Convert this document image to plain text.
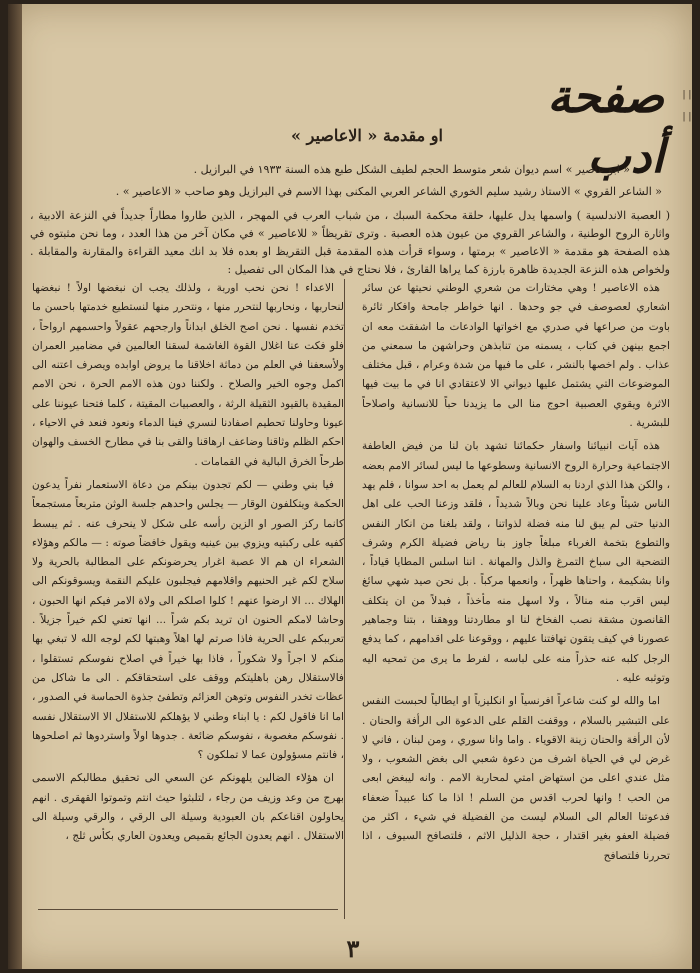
| | | |
صفحة أدب
او مقدمة « الاعاصير »
« ابو عاصير » اسم ديوان شعر متوسط الحجم لطيف الشكل طبع هذه السنة ١٩٣٣ في البرازيل .
« الشاعر القروي » الاستاذ رشيد سليم الخوري الشاعر العربي المكنى بهذا الاسم في البرازيل وهو صاحب « الاعاصير » .

( العصبة الاندلسية ) واسمها يدل عليها، حلقة محكمة السبك ، من شباب العرب في المهجر ، الذين طاروا مطاراً جديداً في النزعة الادبية ، واثارة الروح الوطنية ، والشاعر القروي من عيون هذه العصبة . وترى تقريظاً « للاعاصير » في مكان آخر من هذا العدد ، وما نحن مثبتوه في هذه الصفحة هو مقدمة « الاعاصير » برمتها ، وسواء قرأت هذه المقدمة قبل التقريظ او بعده فلا بد انك معيد القراءة والمقارنة والمقابلة . ولخواص هذه النزعة الجديدة ظاهرة بارزة كما يراها القارئ ، فلا نحتاج في هذا المكان الى تفصيل :

هذه الاعاصير ! وهي مختارات من شعري الوطني نحيتها عن سائر اشعاري لعصوصف في جو وحدها . انها خواطر جامحة وافكار ثائرة باوت من صراعها في صدري مع اخواتها الوادعات ما اشفقت معه ان اجمع بينهن في كتاب ، يسمنه من تنابذهن وحراشهن ما سمعني من عذاب . ولم اخصها بالنشر ، على ما فيها من شدة وعرام ، قبل مختلف الموضوعات التي يشتمل عليها ديواني الا لاعتقادي انا في ما بيت فيها الاثرة ويقوي العصبية احوج منا الى ما يزيدنا حباً للانسانية واصلاحاً للبشرية .

هذه آيات انبيائنا واسفار حكمائنا تشهد بان لنا من فيض العاطفة الاجتماعية وحرارة الروح الانسانية وسطوعها ما ليس لسائر الامم بعضه ، والكن هذا الذي اردنا به السلام للعالم لم يعمل به احد سوانا ، فلم يهد الناس شيئاً وعاد علينا نحن وبالاً شديداً ، فلقد وزعنا الحب على اهل الدنيا حتى لم يبق لنا منه فضلة لذواتنا ، ولقد بلغنا من انكار النفس والتطوع بتخمة الغرباء مبلغاً جاوز بنا رياض فضيلة الكرم وشرف التضحية الى سباخ التمرغ والذل والمهانة . اننا اسلس المطايا قياداً ، وانا بشكيمة ، واحناها ظهراً ، وانعمها مركباً . بل نحن صيد شهي سائغ ليس اقرب منه منالاً ، ولا اسهل منه مأخذاً ، فبدلاً من ان يتكلف القانصون مشقة نصب الفخاخ لنا او مطاردتنا ووهقنا ، بتنا وجماهير عصورنا في كيف يتقون تهافتنا عليهم ، ووقوعنا على اقدامهم ، كما يدفع الرجل كلبه عنه حذراً منه على لباسه ، لفرط ما يرى من تمحيه اليه وتوثبه عليه .

اما والله لو كنت شاعراً افرنسياً او انكليزياً او ايطالياً لحبست النفس على التبشير بالسلام ، ووقفت القلم على الدعوة الى الرأفة والحنان . لأن الرأفة والحنان زينة الاقوياء . واما وانا سوري ، ومن لبنان ، فاني لا غرض لي في الحياة اشرف من دعوة شعبي الى بغض الشعوب ، ولا مثل عندي اعلى من استهاض امتي لمحاربة الامم . وانه ليبغض ابعى من الحب ! وانها لحرب اقدس من السلم ! اذا ما كنا عبيداً ضعفاء فدعوتنا العالم الى السلام ليست من الفضيلة في شيء ، اكثر من فضيلة العفو بغير اقتدار ، حجة الذليل الاثم ، فلتصافح السيوف ، اذا تحررنا فلتصافح

الاعداء ! نحن نحب اوربة ، ولذلك يجب ان نبغضها اولاً ! نبغضها لنحاربها ، ونحاربها لنتحرر منها ، ونتحرر منها لنستطيع خدمتها باحسن ما تخدم نفسها . نحن اصح الخلق ابداناً وارجحهم عقولاً واحسمهم ارواحاً ، فلو فكت عنا اغلال القوة الغاشمة لسقنا العالمين في مضامير العمران ولأسعفنا في العلم من دماثة اخلاقنا ما يروض اوابده ويصرف اعتنه الى اكمل وجوه الخير والصلاح . ولكننا دون هذه الامم الحرة ، نحن الامم المقيدة بالقيود الثقيلة الرثة ، والعصبيات المقيتة ، كلما فتحنا عيوننا على عيونا وحاولنا تحطيم اصفادنا لنسري فينا الدماء ونعود فنعد في الاحياء ، احكم الظلم وثاقنا وضاعف ارهاقنا والقى بنا في مطارح الخسف والهوان طرحاً الخرق البالية في القمامات .

فيا بني وطني — لكم تجدون بينكم من دعاة الاستعمار نفراً يدعون الحكمة ويتكلفون الوقار — يجلس واحدهم جلسة الوثن متربعاً مستجمعاً كانما ركز الصور او الزين رأسه على شكل لا ينحرف عنه . ثم يبسط كفيه على ركبتيه ويزوي بين عينيه ويقول خافضاً صوته : — مالكم وهؤلاء الشعراء ان هم الا عصبة اغرار يحرضونكم على المطالبة بالحرية ولا سلاح لكم غير الحنيهم واقلامهم فيجلبون عليكم النقمة ويسوقونكم الى الهلاك ... الا ارضوا عنهم ! كلوا اصلكم الى ولاة الامر فيكم انها الحبون ، وحاشا لامكم الحنون ان تريد بكم شراً ... انها تعني لكم خيراً جزيلاً . تعرببكم على الحرية فاذا صرتم لها اهلاً وهبتها لكم لوجه الله لا تبغي بها منكم لا اجراً ولا شكوراً ، فاذا بها خيراً في اصلاح نفوسكم تستقلوا ، فالاستقلال رهن باهليتكم ووقف على استحقاقكم . الى ما شاكل من عظات تخدر النفوس وتوهن العزائم وتطفئ جذوة الحماسة في الصدور ، اما انا فاقول لكم : يا ابناء وطني لا يؤهلكم للاستقلال الا الاستقلال نفسه . نفوسكم مغصوبة ، نفوسكم ضائعة . جدوها اولاً واستردوها ثم اصلحوها ، فانتم مسؤولون عما لا تملكون ؟

ان هؤلاء الضالين يلهونكم عن السعي الى تحقيق مطالبكم الاسمى بهرج من وعد وزيف من رجاء ، لتلبثوا حيث انتم وتموتوا القهقرى . انهم يحاولون اقناعكم بان العبودية وسيلة الى الرقي ، والرقي وسيلة الى الاستقلال . انهم يعدون الجائع بقميص ويعدون العاري بكأس ثلج ،

٣
